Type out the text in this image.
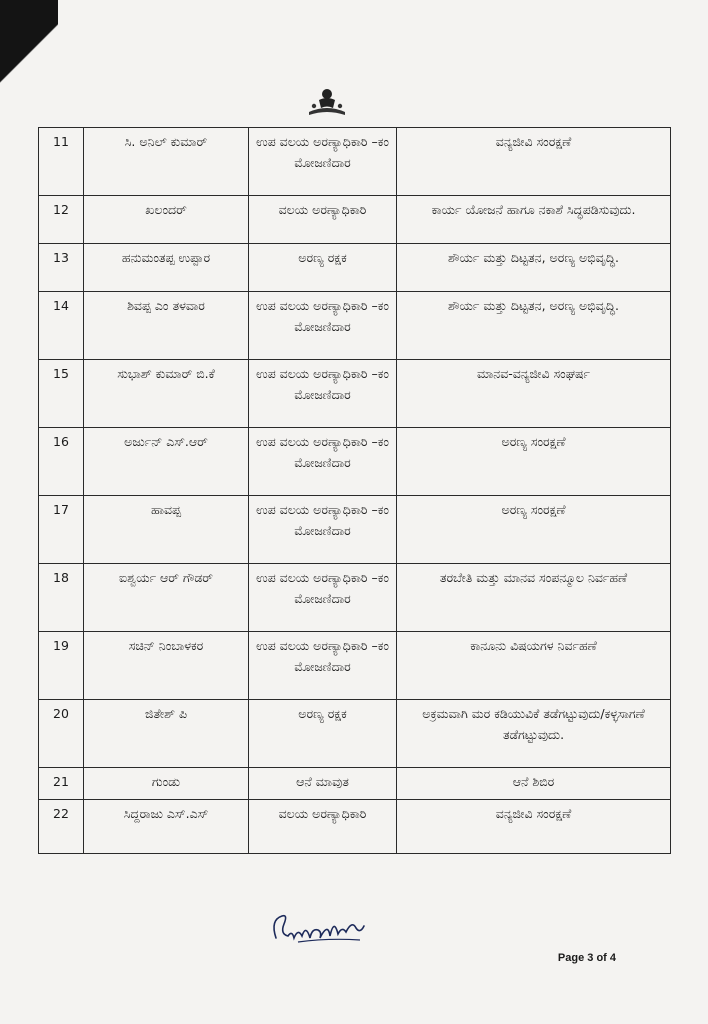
11	ಸಿ. ಅನಿಲ್ ಕುಮಾರ್	ಉಪ ವಲಯ ಅರಣ್ಯಾಧಿಕಾರಿ –ಕಂ ಮೋಜಣಿದಾರ	ವನ್ಯಜೀವಿ ಸಂರಕ್ಷಣೆ
12	ಖಲಂದರ್	ವಲಯ ಅರಣ್ಯಾಧಿಕಾರಿ	ಕಾರ್ಯ ಯೋಜನೆ ಹಾಗೂ ನಕಾಶೆ ಸಿದ್ಧಪಡಿಸುವುದು.
13	ಹನುಮಂತಪ್ಪ ಉಪ್ಪಾರ	ಅರಣ್ಯ ರಕ್ಷಕ	ಶೌರ್ಯ ಮತ್ತು ದಿಟ್ಟತನ, ಅರಣ್ಯ ಅಭಿವೃದ್ಧಿ.
14	ಶಿವಪ್ಪ ಎಂ ತಳವಾರ	ಉಪ ವಲಯ ಅರಣ್ಯಾಧಿಕಾರಿ –ಕಂ ಮೋಜಣಿದಾರ	ಶೌರ್ಯ ಮತ್ತು ದಿಟ್ಟತನ, ಅರಣ್ಯ ಅಭಿವೃದ್ಧಿ.
15	ಸುಭಾಶ್ ಕುಮಾರ್ ಬಿ.ಕೆ	ಉಪ ವಲಯ ಅರಣ್ಯಾಧಿಕಾರಿ –ಕಂ ಮೋಜಣಿದಾರ	ಮಾನವ-ವನ್ಯಜೀವಿ ಸಂಘರ್ಷ
16	ಅರ್ಜುನ್ ಎಸ್.ಆರ್	ಉಪ ವಲಯ ಅರಣ್ಯಾಧಿಕಾರಿ –ಕಂ ಮೋಜಣಿದಾರ	ಅರಣ್ಯ ಸಂರಕ್ಷಣೆ
17	ಹಾವಪ್ಪ	ಉಪ ವಲಯ ಅರಣ್ಯಾಧಿಕಾರಿ –ಕಂ ಮೋಜಣಿದಾರ	ಅರಣ್ಯ ಸಂರಕ್ಷಣೆ
18	ಐಶ್ವರ್ಯ ಆರ್ ಗೌಡರ್	ಉಪ ವಲಯ ಅರಣ್ಯಾಧಿಕಾರಿ –ಕಂ ಮೋಜಣಿದಾರ	ತರಬೇತಿ ಮತ್ತು ಮಾನವ ಸಂಪನ್ಮೂಲ ನಿರ್ವಹಣೆ
19	ಸಚಿನ್ ನಿಂಬಾಳಕರ	ಉಪ ವಲಯ ಅರಣ್ಯಾಧಿಕಾರಿ –ಕಂ ಮೋಜಣಿದಾರ	ಕಾನೂನು ವಿಷಯಗಳ ನಿರ್ವಹಣೆ
20	ಜಿತೇಶ್ ಪಿ	ಅರಣ್ಯ ರಕ್ಷಕ	ಅಕ್ರಮವಾಗಿ ಮರ ಕಡಿಯುವಿಕೆ ತಡೆಗಟ್ಟುವುದು/ಕಳ್ಳಸಾಗಣೆ ತಡೆಗಟ್ಟುವುದು.
21	ಗುಂಡು	ಆನೆ ಮಾವುತ	ಆನೆ ಶಿಬಿರ
22	ಸಿದ್ದರಾಜು ಎಸ್.ಎಸ್	ವಲಯ ಅರಣ್ಯಾಧಿಕಾರಿ	ವನ್ಯಜೀವಿ ಸಂರಕ್ಷಣೆ
Page 3 of 4
